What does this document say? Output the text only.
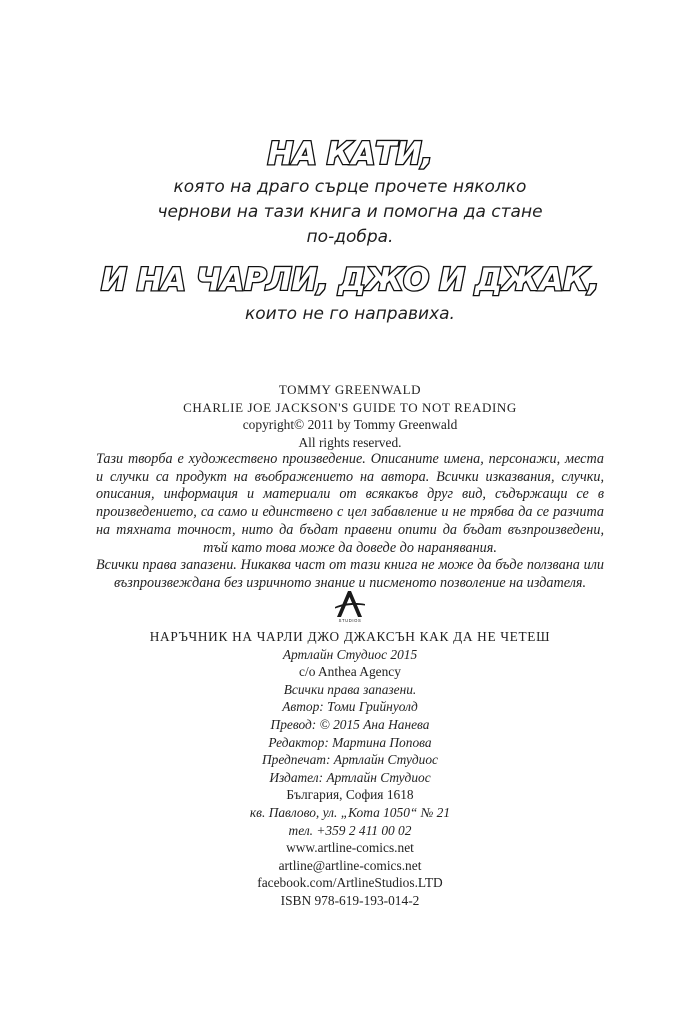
НА КАТИ,
която на драго сърце прочете няколко
чернови на тази книга и помогна да стане
по-добра.
И НА ЧАРЛИ, ДЖО И ДЖАК,
които не го направиха.
TOMMY GREENWALD
CHARLIE JOE JACKSON'S GUIDE TO NOT READING
copyright© 2011 by Tommy Greenwald
All rights reserved.
Тази творба е художествено произведение. Описаните имена, персонажи, места
и случки са продукт на въображението на автора. Всички изказвания, случки,
описания, информация и материали от всякакъв друг вид, съдържащи се в
произведението, са само и единствено с цел забавление и не трябва да се разчита
на тяхната точност, нито да бъдат правени опити да бъдат възпроизведени,
тъй като това може да доведе до наранявания.
Всички права запазени. Никаква част от тази книга не може да бъде ползвана или
възпроизвеждана без изричното знание и писменото позволение на издателя.
STUDIOS
НАРЪЧНИК НА ЧАРЛИ ДЖО ДЖАКСЪН КАК ДА НЕ ЧЕТЕШ
Артлайн Студиос 2015
c/o Anthea Agency
Всички права запазени.
Автор: Томи Грийнуолд
Превод: © 2015 Ана Нанева
Редактор: Мартина Попова
Предпечат: Артлайн Студиос
Издател: Артлайн Студиос
България, София 1618
кв. Павлово, ул. „Кота 1050“ № 21
тел. +359 2 411 00 02
www.artline-comics.net
artline@artline-comics.net
facebook.com/ArtlineStudios.LTD
ISBN 978-619-193-014-2
